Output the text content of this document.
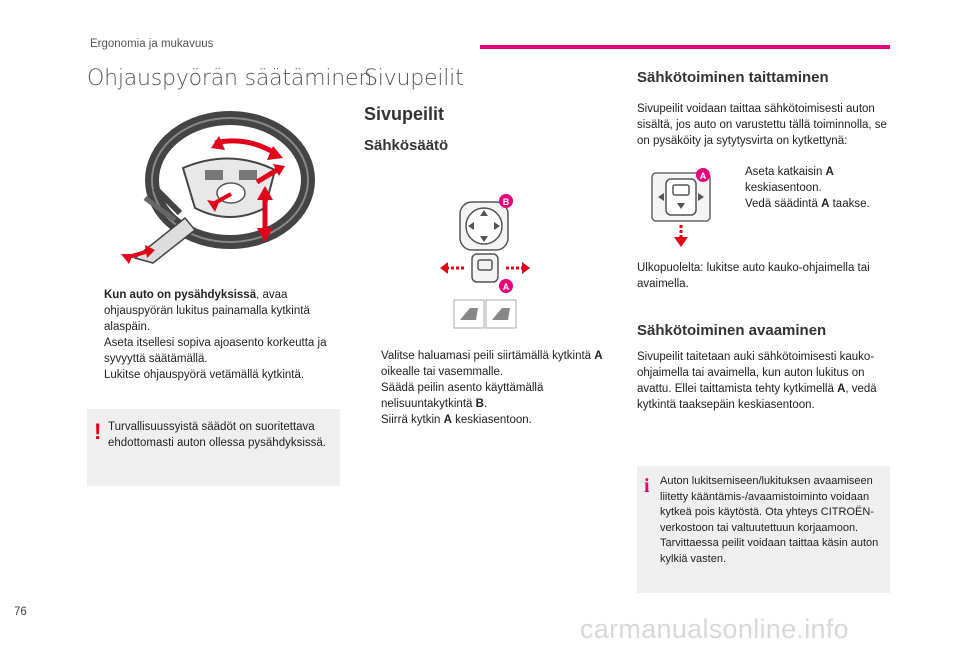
Ergonomia ja mukavuus
Ohjauspyörän säätäminen
Kun auto on pysähdyksissä, avaa ohjauspyörän lukitus painamalla kytkintä alaspäin.
Aseta itsellesi sopiva ajoasento korkeutta ja syvyyttä säätämällä.
Lukitse ohjauspyörä vetämällä kytkintä.
! Turvallisuussyistä säädöt on suoritettava ehdottomasti auton ollessa pysähdyksissä.
Sivupeilit
Sivupeilit
Sähkösäätö
B
A
Valitse haluamasi peili siirtämällä kytkintä A oikealle tai vasemmalle.
Säädä peilin asento käyttämällä nelisuuntakytkintä B.
Siirrä kytkin A keskiasentoon.
Sähkötoiminen taittaminen
Sivupeilit voidaan taittaa sähkötoimisesti auton sisältä, jos auto on varustettu tällä toiminnolla, se on pysäköity ja sytytysvirta on kytkettynä:
A	Aseta katkaisin A keskiasentoon.
Vedä säädintä A taakse.
Ulkopuolelta: lukitse auto kauko-ohjaimella tai avaimella.
Sähkötoiminen avaaminen
Sivupeilit taitetaan auki sähkötoimisesti kauko-ohjaimella tai avaimella, kun auton lukitus on avattu. Ellei taittamista tehty kytkimellä A, vedä kytkintä taaksepäin keskiasentoon.
i Auton lukitsemiseen/lukituksen avaamiseen liitetty kääntämis-/avaamistoiminto voidaan kytkeä pois käytöstä. Ota yhteys CITROËN-verkostoon tai valtuutettuun korjaamoon.
Tarvittaessa peilit voidaan taittaa käsin auton kylkiä vasten.
76
carmanualsonline.info
